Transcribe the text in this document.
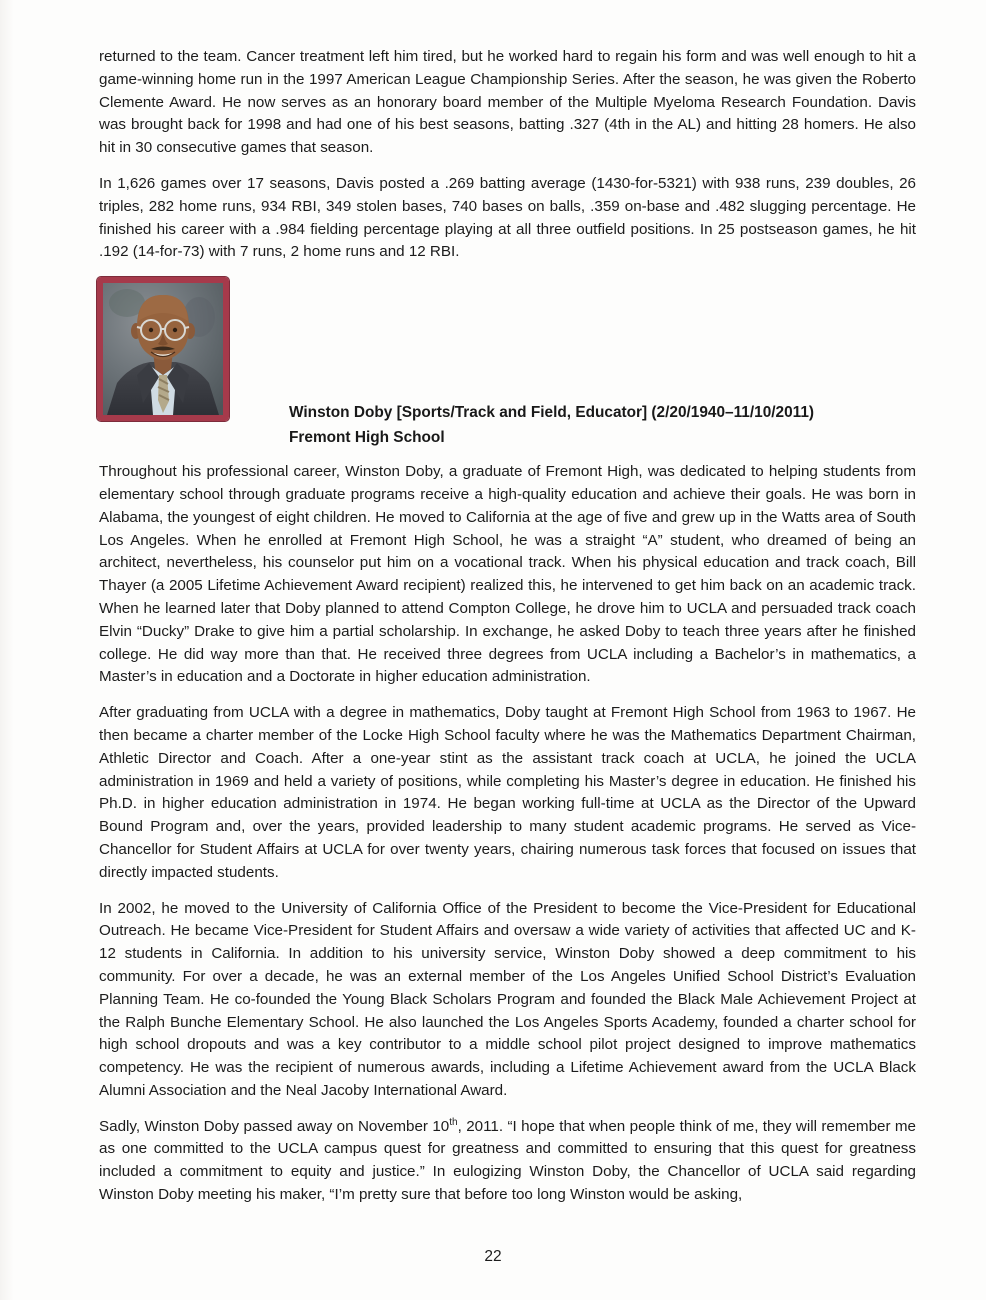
returned to the team. Cancer treatment left him tired, but he worked hard to regain his form and was well enough to hit a game-winning home run in the 1997 American League Championship Series. After the season, he was given the Roberto Clemente Award. He now serves as an honorary board member of the Multiple Myeloma Research Foundation. Davis was brought back for 1998 and had one of his best seasons, batting .327 (4th in the AL) and hitting 28 homers. He also hit in 30 consecutive games that season.

In 1,626 games over 17 seasons, Davis posted a .269 batting average (1430-for-5321) with 938 runs, 239 doubles, 26 triples, 282 home runs, 934 RBI, 349 stolen bases, 740 bases on balls, .359 on-base and .482 slugging percentage. He finished his career with a .984 fielding percentage playing at all three outfield positions. In 25 postseason games, he hit .192 (14-for-73) with 7 runs, 2 home runs and 12 RBI.

Winston Doby [Sports/Track and Field, Educator] (2/20/1940–11/10/2011)
Fremont High School

Throughout his professional career, Winston Doby, a graduate of Fremont High, was dedicated to helping students from elementary school through graduate programs receive a high-quality education and achieve their goals. He was born in Alabama, the youngest of eight children. He moved to California at the age of five and grew up in the Watts area of South Los Angeles. When he enrolled at Fremont High School, he was a straight “A” student, who dreamed of being an architect, nevertheless, his counselor put him on a vocational track. When his physical education and track coach, Bill Thayer (a 2005 Lifetime Achievement Award recipient) realized this, he intervened to get him back on an academic track. When he learned later that Doby planned to attend Compton College, he drove him to UCLA and persuaded track coach Elvin “Ducky” Drake to give him a partial scholarship. In exchange, he asked Doby to teach three years after he finished college. He did way more than that. He received three degrees from UCLA including a Bachelor’s in mathematics, a Master’s in education and a Doctorate in higher education administration.

After graduating from UCLA with a degree in mathematics, Doby taught at Fremont High School from 1963 to 1967. He then became a charter member of the Locke High School faculty where he was the Mathematics Department Chairman, Athletic Director and Coach. After a one-year stint as the assistant track coach at UCLA, he joined the UCLA administration in 1969 and held a variety of positions, while completing his Master’s degree in education. He finished his Ph.D. in higher education administration in 1974. He began working full-time at UCLA as the Director of the Upward Bound Program and, over the years, provided leadership to many student academic programs. He served as Vice-Chancellor for Student Affairs at UCLA for over twenty years, chairing numerous task forces that focused on issues that directly impacted students.

In 2002, he moved to the University of California Office of the President to become the Vice-President for Educational Outreach. He became Vice-President for Student Affairs and oversaw a wide variety of activities that affected UC and K-12 students in California. In addition to his university service, Winston Doby showed a deep commitment to his community. For over a decade, he was an external member of the Los Angeles Unified School District’s Evaluation Planning Team. He co-founded the Young Black Scholars Program and founded the Black Male Achievement Project at the Ralph Bunche Elementary School. He also launched the Los Angeles Sports Academy, founded a charter school for high school dropouts and was a key contributor to a middle school pilot project designed to improve mathematics competency. He was the recipient of numerous awards, including a Lifetime Achievement award from the UCLA Black Alumni Association and the Neal Jacoby International Award.

Sadly, Winston Doby passed away on November 10th, 2011. “I hope that when people think of me, they will remember me as one committed to the UCLA campus quest for greatness and committed to ensuring that this quest for greatness included a commitment to equity and justice.” In eulogizing Winston Doby, the Chancellor of UCLA said regarding Winston Doby meeting his maker, “I’m pretty sure that before too long Winston would be asking,

22
